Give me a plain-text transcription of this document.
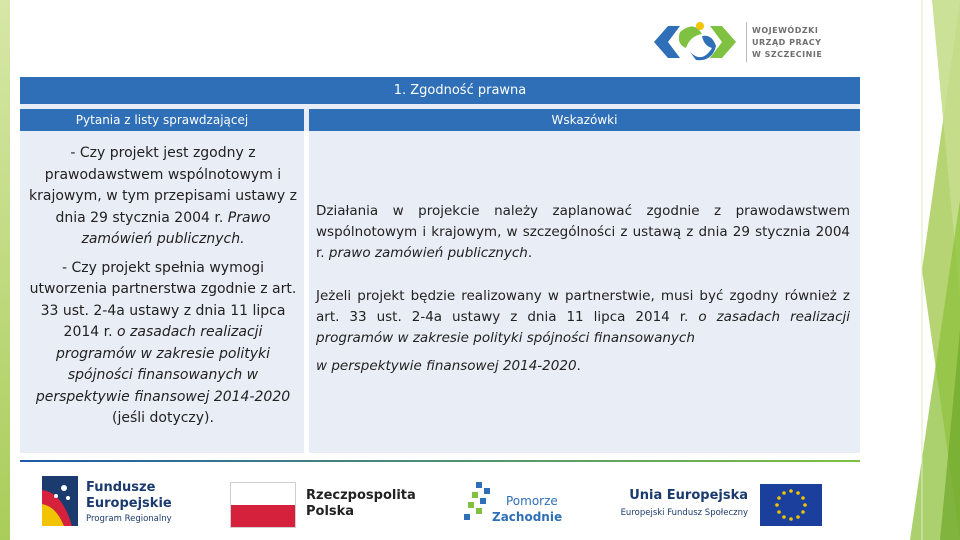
WOJEWÓDZKI
URZĄD PRACY
W SZCZECINIE
1. Zgodność prawna
Pytania z listy sprawdzającej	Wskazówki

- Czy projekt jest zgodny z prawodawstwem wspólnotowym i krajowym, w tym przepisami ustawy z dnia 29 stycznia 2004 r. Prawo zamówień publicznych.

- Czy projekt spełnia wymogi utworzenia partnerstwa zgodnie z art. 33 ust. 2-4a ustawy z dnia 11 lipca 2014 r. o zasadach realizacji programów w zakresie polityki spójności finansowanych w perspektywie finansowej 2014-2020 (jeśli dotyczy).

Działania w projekcie należy zaplanować zgodnie z prawodawstwem wspólnotowym i krajowym, w szczególności z ustawą z dnia 29 stycznia 2004 r. prawo zamówień publicznych.

Jeżeli projekt będzie realizowany w partnerstwie, musi być zgodny również z art. 33 ust. 2-4a ustawy z dnia 11 lipca 2014 r. o zasadach realizacji programów w zakresie polityki spójności finansowanych

w perspektywie finansowej 2014-2020.

Fundusze
Europejskie
Program Regionalny
Rzeczpospolita
Polska
Pomorze
Zachodnie
Unia Europejska
Europejski Fundusz Społeczny
